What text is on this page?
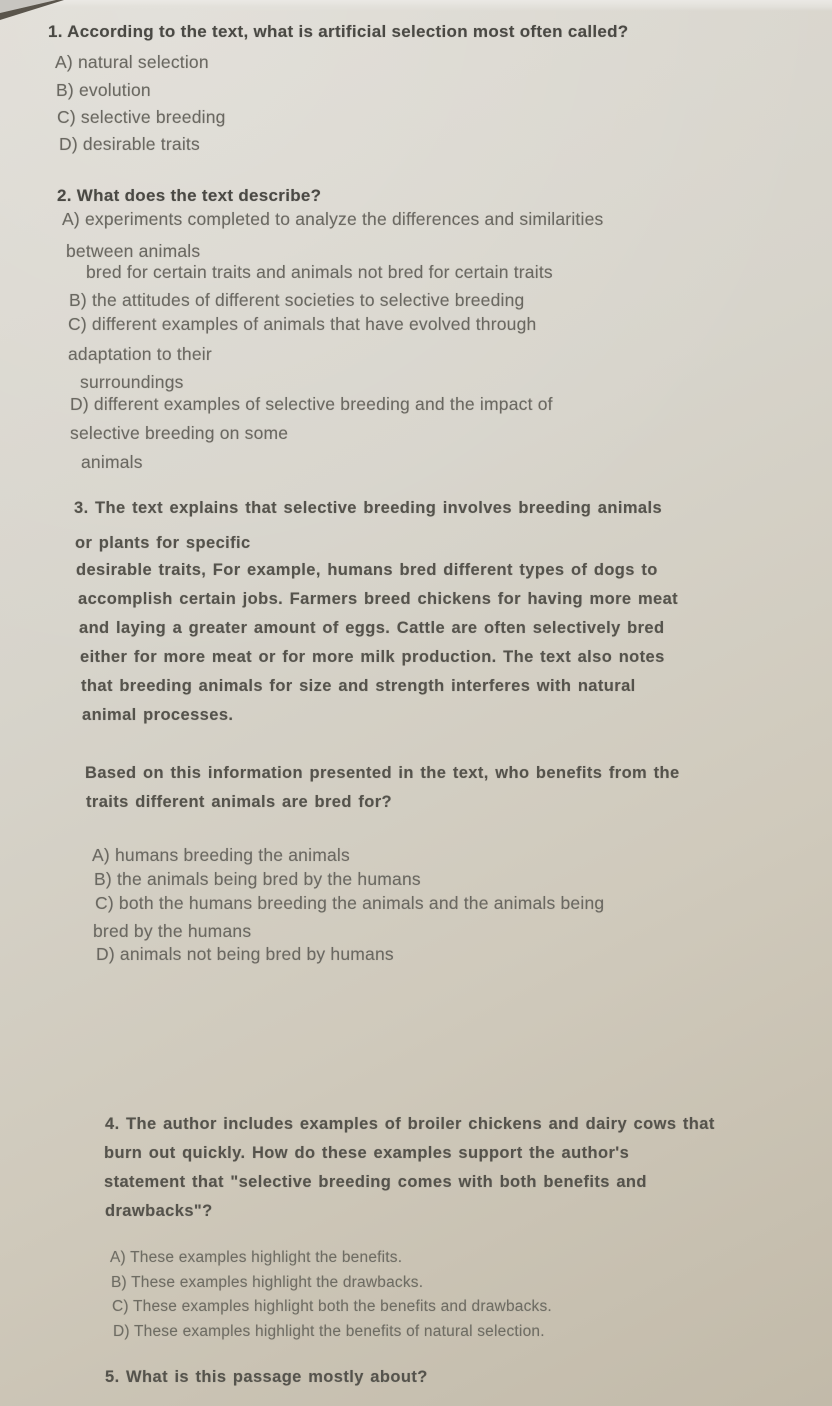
1. According to the text, what is artificial selection most often called?
A) natural selection
B) evolution
C) selective breeding
D) desirable traits
2. What does the text describe?
A) experiments completed to analyze the differences and similarities
between animals
bred for certain traits and animals not bred for certain traits
B) the attitudes of different societies to selective breeding
C) different examples of animals that have evolved through
adaptation to their
surroundings
D) different examples of selective breeding and the impact of
selective breeding on some
animals
3. The text explains that selective breeding involves breeding animals
or plants for specific
desirable traits, For example, humans bred different types of dogs to
accomplish certain jobs. Farmers breed chickens for having more meat
and laying a greater amount of eggs. Cattle are often selectively bred
either for more meat or for more milk production. The text also notes
that breeding animals for size and strength interferes with natural
animal processes.
Based on this information presented in the text, who benefits from the
traits different animals are bred for?
A) humans breeding the animals
B) the animals being bred by the humans
C) both the humans breeding the animals and the animals being
bred by the humans
D) animals not being bred by humans
4. The author includes examples of broiler chickens and dairy cows that
burn out quickly. How do these examples support the author's
statement that "selective breeding comes with both benefits and
drawbacks"?
A) These examples highlight the benefits.
B) These examples highlight the drawbacks.
C) These examples highlight both the benefits and drawbacks.
D) These examples highlight the benefits of natural selection.
5. What is this passage mostly about?
